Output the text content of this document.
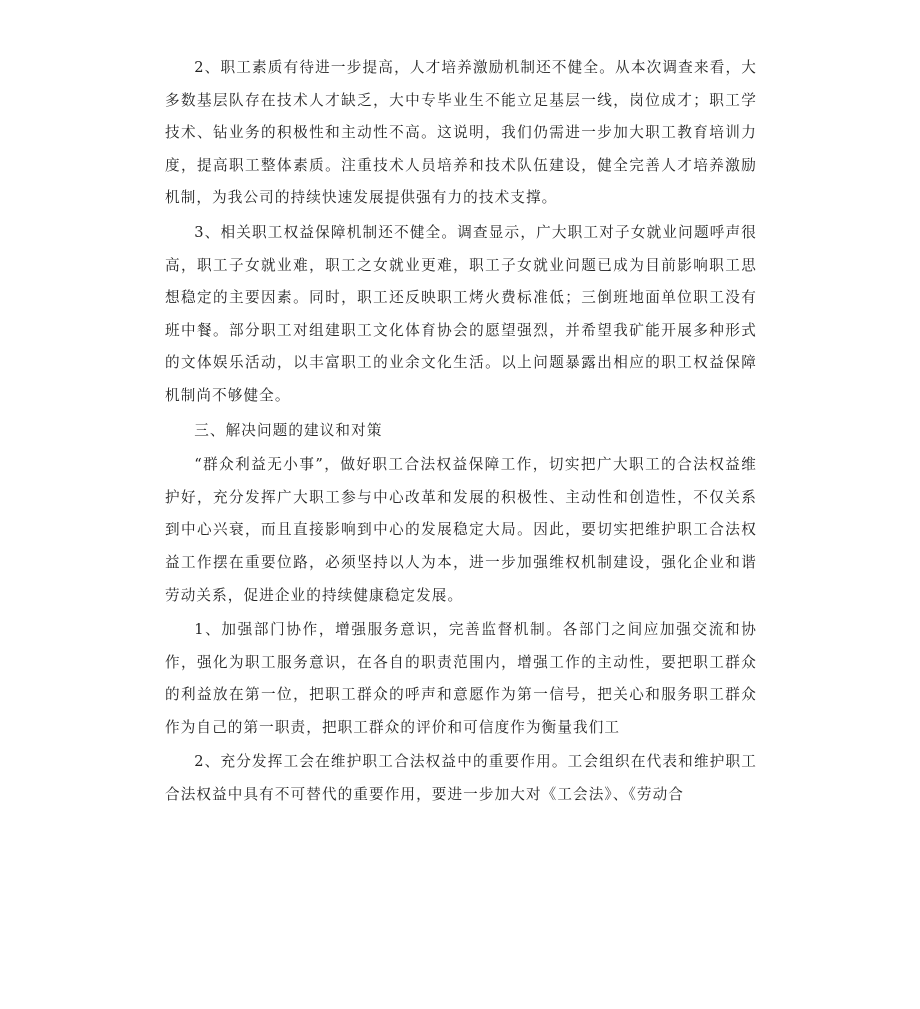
2、职工素质有待进一步提高，人才培养激励机制还不健全。从本次调查来看，大多数基层队存在技术人才缺乏，大中专毕业生不能立足基层一线，岗位成才；职工学技术、钻业务的积极性和主动性不高。这说明，我们仍需进一步加大职工教育培训力度，提高职工整体素质。注重技术人员培养和技术队伍建设，健全完善人才培养激励机制，为我公司的持续快速发展提供强有力的技术支撑。

3、相关职工权益保障机制还不健全。调查显示，广大职工对子女就业问题呼声很高，职工子女就业难，职工之女就业更难，职工子女就业问题已成为目前影响职工思想稳定的主要因素。同时，职工还反映职工烤火费标准低；三倒班地面单位职工没有班中餐。部分职工对组建职工文化体育协会的愿望强烈，并希望我矿能开展多种形式的文体娱乐活动，以丰富职工的业余文化生活。以上问题暴露出相应的职工权益保障机制尚不够健全。

三、解决问题的建议和对策

“群众利益无小事”，做好职工合法权益保障工作，切实把广大职工的合法权益维护好，充分发挥广大职工参与中心改革和发展的积极性、主动性和创造性，不仅关系到中心兴衰，而且直接影响到中心的发展稳定大局。因此，要切实把维护职工合法权益工作摆在重要位路，必须坚持以人为本，进一步加强维权机制建设，强化企业和谐劳动关系，促进企业的持续健康稳定发展。

1、加强部门协作，增强服务意识，完善监督机制。各部门之间应加强交流和协作，强化为职工服务意识，在各自的职责范围内，增强工作的主动性，要把职工群众的利益放在第一位，把职工群众的呼声和意愿作为第一信号，把关心和服务职工群众作为自己的第一职责，把职工群众的评价和可信度作为衡量我们工

2、充分发挥工会在维护职工合法权益中的重要作用。工会组织在代表和维护职工合法权益中具有不可替代的重要作用，要进一步加大对《工会法》、《劳动合
